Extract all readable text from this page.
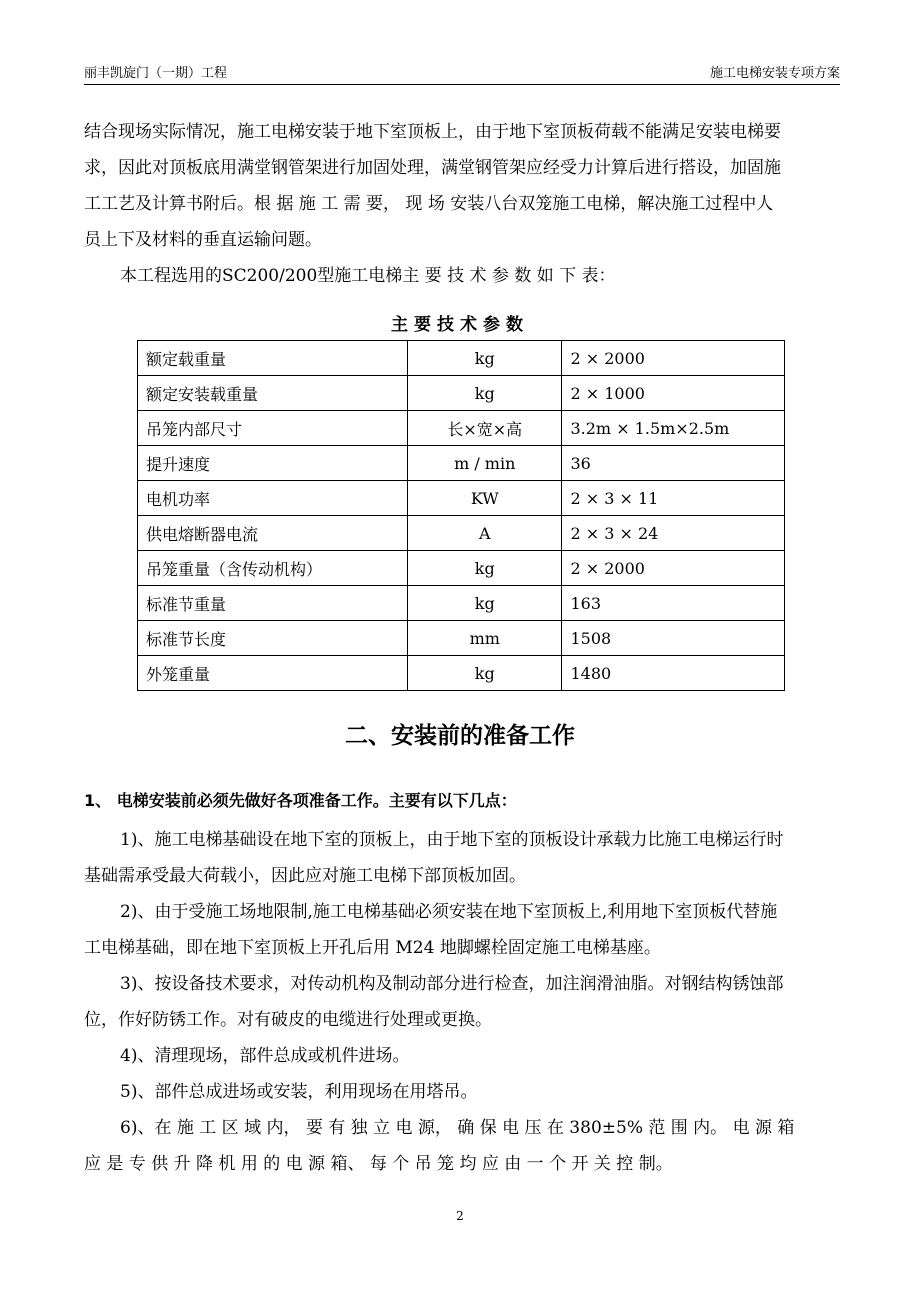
丽丰凯旋门（一期）工程	施工电梯安装专项方案
结合现场实际情况，施工电梯安装于地下室顶板上，由于地下室顶板荷载不能满足安装电梯要
求，因此对顶板底用满堂钢管架进行加固处理，满堂钢管架应经受力计算后进行搭设，加固施
工工艺及计算书附后。根 据 施 工 需 要， 现 场 安装八台双笼施工电梯，解决施工过程中人
员上下及材料的垂直运输问题。
本工程选用的SC200/200型施工电梯主 要 技 术 参 数 如 下 表：
主要技术参数
额定载重量	kg	2 × 2000
额定安装载重量	kg	2 × 1000
吊笼内部尺寸	长×宽×高	3.2m × 1.5m×2.5m
提升速度	m / min	36
电机功率	KW	2 × 3 × 11
供电熔断器电流	A	2 × 3 × 24
吊笼重量（含传动机构）	kg	2 × 2000
标准节重量	kg	163
标准节长度	mm	1508
外笼重量	kg	1480
二、安装前的准备工作
1、 电梯安装前必须先做好各项准备工作。主要有以下几点：
1)、施工电梯基础设在地下室的顶板上，由于地下室的顶板设计承载力比施工电梯运行时
基础需承受最大荷载小，因此应对施工电梯下部顶板加固。
2)、由于受施工场地限制,施工电梯基础必须安装在地下室顶板上,利用地下室顶板代替施
工电梯基础，即在地下室顶板上开孔后用 M24 地脚螺栓固定施工电梯基座。
3)、按设备技术要求，对传动机构及制动部分进行检查，加注润滑油脂。对钢结构锈蚀部
位，作好防锈工作。对有破皮的电缆进行处理或更换。
4)、清理现场，部件总成或机件进场。
5)、部件总成进场或安装，利用现场在用塔吊。
6)、在 施 工 区 域 内， 要 有 独 立 电 源， 确 保 电 压 在 380±5% 范 围 内。 电 源 箱
应 是 专 供 升 降 机 用 的 电 源 箱、 每 个 吊 笼 均 应 由 一 个 开 关 控 制。
2
